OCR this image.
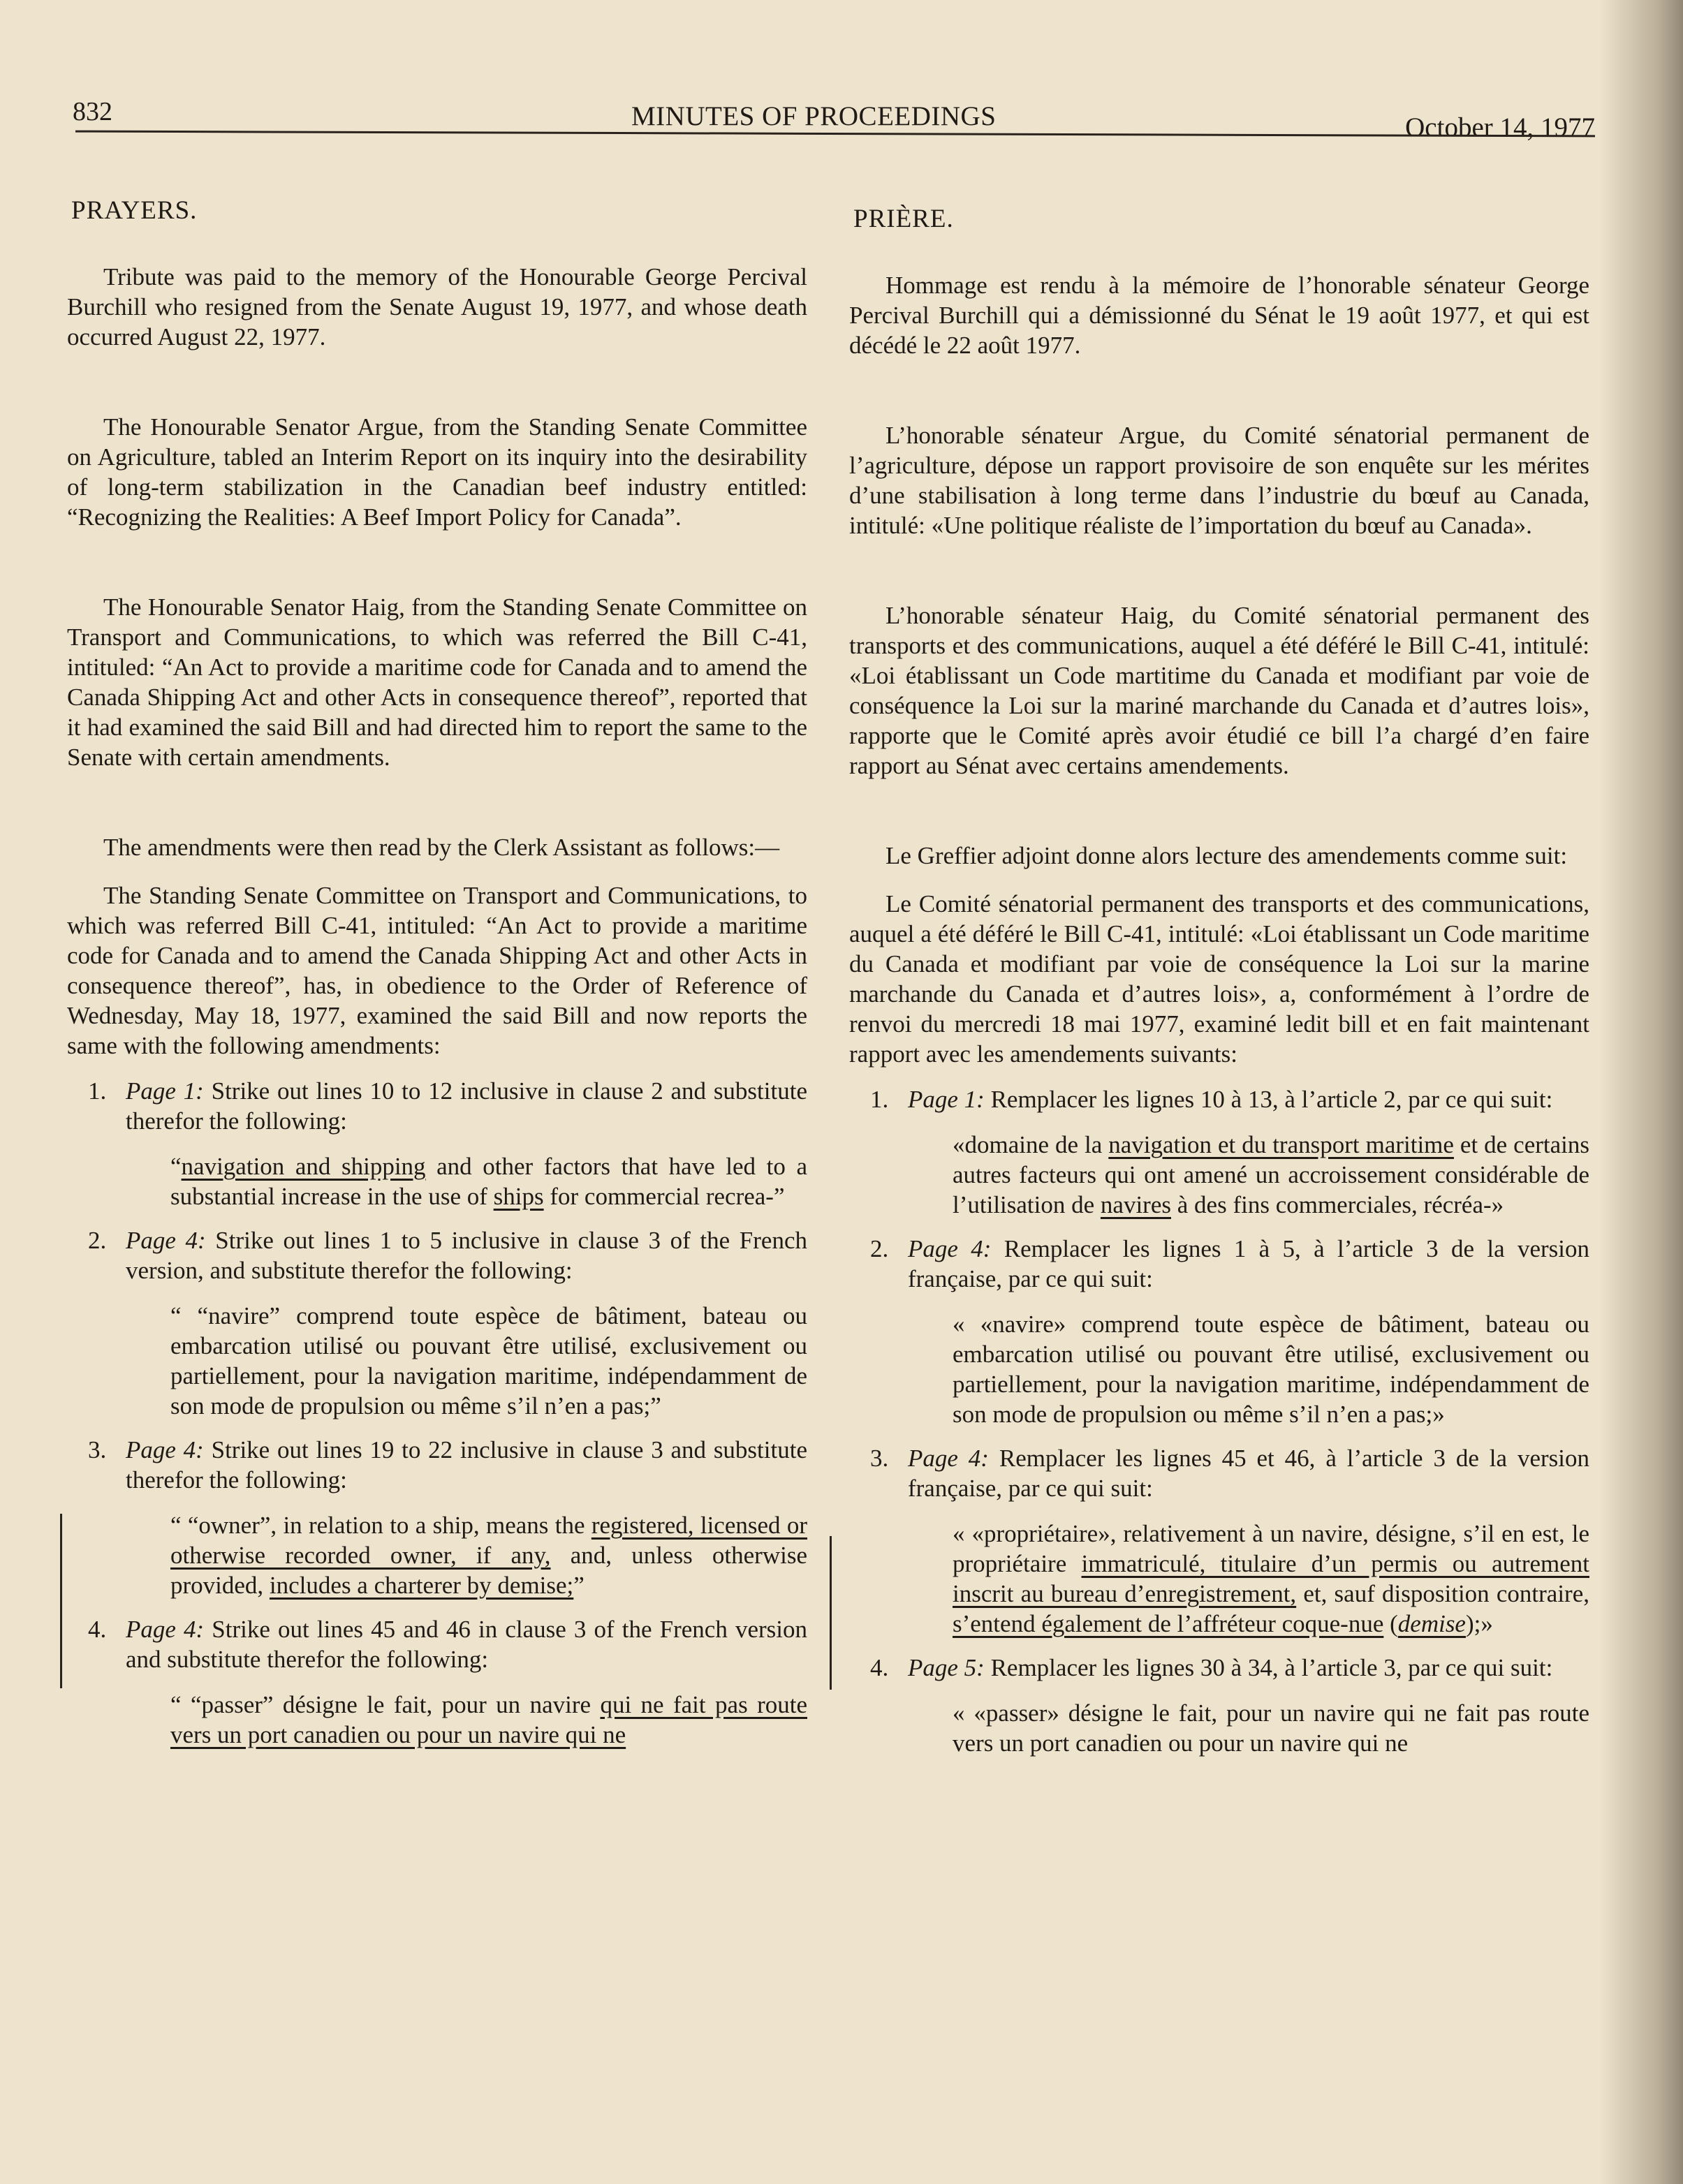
832	MINUTES OF PROCEEDINGS	October 14, 1977
PRAYERS.

Tribute was paid to the memory of the Honourable George Percival Burchill who resigned from the Senate August 19, 1977, and whose death occurred August 22, 1977.

The Honourable Senator Argue, from the Standing Senate Committee on Agriculture, tabled an Interim Report on its inquiry into the desirability of long-term stabilization in the Canadian beef industry entitled: “Recognizing the Realities: A Beef Import Policy for Canada”.

The Honourable Senator Haig, from the Standing Senate Committee on Transport and Communications, to which was referred the Bill C-41, intituled: “An Act to provide a maritime code for Canada and to amend the Canada Shipping Act and other Acts in consequence thereof”, reported that it had examined the said Bill and had directed him to report the same to the Senate with certain amendments.

The amendments were then read by the Clerk Assistant as follows:—

The Standing Senate Committee on Transport and Communications, to which was referred Bill C-41, intituled: “An Act to provide a maritime code for Canada and to amend the Canada Shipping Act and other Acts in consequence thereof”, has, in obedience to the Order of Reference of Wednesday, May 18, 1977, examined the said Bill and now reports the same with the following amendments:

1. Page 1: Strike out lines 10 to 12 inclusive in clause 2 and substitute therefor the following:
“navigation and shipping and other factors that have led to a substantial increase in the use of ships for commercial recrea-”
2. Page 4: Strike out lines 1 to 5 inclusive in clause 3 of the French version, and substitute therefor the following:
“ “navire” comprend toute espèce de bâtiment, bateau ou embarcation utilisé ou pouvant être utilisé, exclusivement ou partiellement, pour la navigation maritime, indépendamment de son mode de propulsion ou même s’il n’en a pas;”
3. Page 4: Strike out lines 19 to 22 inclusive in clause 3 and substitute therefor the following:
“ “owner”, in relation to a ship, means the registered, licensed or otherwise recorded owner, if any, and, unless otherwise provided, includes a charterer by demise;”
4. Page 4: Strike out lines 45 and 46 in clause 3 of the French version and substitute therefor the following:
“ “passer” désigne le fait, pour un navire qui ne fait pas route vers un port canadien ou pour un navire qui ne
PRIÈRE.

Hommage est rendu à la mémoire de l’honorable sénateur George Percival Burchill qui a démissionné du Sénat le 19 août 1977, et qui est décédé le 22 août 1977.

L’honorable sénateur Argue, du Comité sénatorial permanent de l’agriculture, dépose un rapport provisoire de son enquête sur les mérites d’une stabilisation à long terme dans l’industrie du bœuf au Canada, intitulé: «Une politique réaliste de l’importation du bœuf au Canada».

L’honorable sénateur Haig, du Comité sénatorial permanent des transports et des communications, auquel a été déféré le Bill C-41, intitulé: «Loi établissant un Code martitime du Canada et modifiant par voie de conséquence la Loi sur la mariné marchande du Canada et d’autres lois», rapporte que le Comité après avoir étudié ce bill l’a chargé d’en faire rapport au Sénat avec certains amendements.

Le Greffier adjoint donne alors lecture des amendements comme suit:

Le Comité sénatorial permanent des transports et des communications, auquel a été déféré le Bill C-41, intitulé: «Loi établissant un Code maritime du Canada et modifiant par voie de conséquence la Loi sur la marine marchande du Canada et d’autres lois», a, conformément à l’ordre de renvoi du mercredi 18 mai 1977, examiné ledit bill et en fait maintenant rapport avec les amendements suivants:

1. Page 1: Remplacer les lignes 10 à 13, à l’article 2, par ce qui suit:
«domaine de la navigation et du transport maritime et de certains autres facteurs qui ont amené un accroissement considérable de l’utilisation de navires à des fins commerciales, récréa-»
2. Page 4: Remplacer les lignes 1 à 5, à l’article 3 de la version française, par ce qui suit:
« «navire» comprend toute espèce de bâtiment, bateau ou embarcation utilisé ou pouvant être utilisé, exclusivement ou partiellement, pour la navigation maritime, indépendamment de son mode de propulsion ou même s’il n’en a pas;»
3. Page 4: Remplacer les lignes 45 et 46, à l’article 3 de la version française, par ce qui suit:
« «propriétaire», relativement à un navire, désigne, s’il en est, le propriétaire immatriculé, titulaire d’un permis ou autrement inscrit au bureau d’enregistrement, et, sauf disposition contraire, s’entend également de l’affréteur coque-nue (demise);»
4. Page 5: Remplacer les lignes 30 à 34, à l’article 3, par ce qui suit:
« «passer» désigne le fait, pour un navire qui ne fait pas route vers un port canadien ou pour un navire qui ne
